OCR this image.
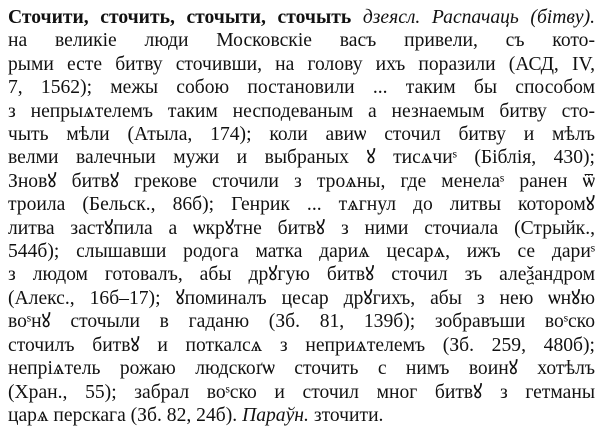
Сточити, сточить, сточыти, сточыть дзеясл. Распачаць (бітву).
на великіе люди Московскіе васъ привели, съ кото-
рыми есте битву сточивши, на голову ихъ поразили (АСД, IV,
7, 1562); межы собою постановили ... таким бы способом
з непрыѧтелемъ таким несподеваным а незнаемым битву сто-
чыть мѣли (Атыла, 174); коли авиѡ сточил битву и мѣлъ
велми валечныи мужи и выбраных ꙋ тисѧчиˢ (Біблія, 430);
Зновꙋ битвꙋ грекове сточили з троѧны, где менелаˢ ранен ѿ
троила (Бельск., 86б); Генрик ... тѧгнул до литвы которомꙋ
литва застꙋпила а ѡкрꙋтне битвꙋ з ними сточиала (Стрыйк.,
544б); слышавши родога матка дариѧ цесарѧ, ижъ се дариˢ
з людом готовалъ, абы дрꙋгую битвꙋ сточил зъ алеѯандром
(Алекс., 16б–17); ꙋпоминалъ цесар дрꙋгихъ, абы з нею ѡнꙋю
воˢнꙋ сточыли в гаданю (Зб. 81, 139б); зобравъши воˢско
сточилъ битвꙋ и поткалсѧ з неприѧтелемъ (Зб. 259, 480б);
непріѧтель рожаю людскоґѡ сточить с нимъ воинꙋ хотѣлъ
(Хран., 55); забрал воˢско и сточил мног битвꙋ з гетманы
царѧ перскага (Зб. 82, 24б). Параўн. зточити.
